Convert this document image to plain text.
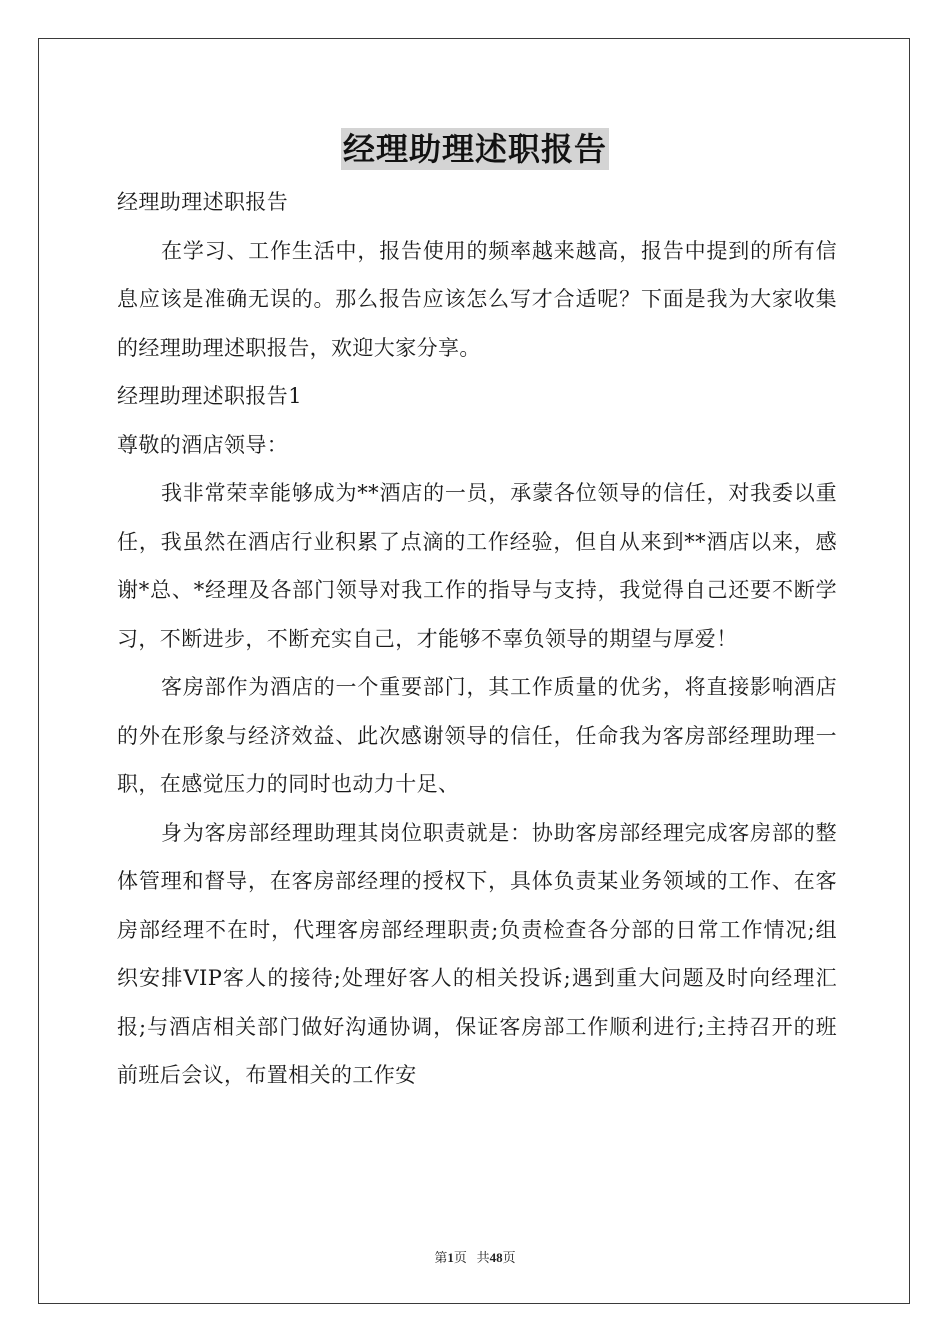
经理助理述职报告

经理助理述职报告

在学习、工作生活中，报告使用的频率越来越高，报告中提到的所有信息应该是准确无误的。那么报告应该怎么写才合适呢？下面是我为大家收集的经理助理述职报告，欢迎大家分享。

经理助理述职报告1

尊敬的酒店领导：

我非常荣幸能够成为**酒店的一员，承蒙各位领导的信任，对我委以重任，我虽然在酒店行业积累了点滴的工作经验，但自从来到**酒店以来，感谢*总、*经理及各部门领导对我工作的指导与支持，我觉得自己还要不断学习，不断进步，不断充实自己，才能够不辜负领导的期望与厚爱！

客房部作为酒店的一个重要部门，其工作质量的优劣，将直接影响酒店的外在形象与经济效益、此次感谢领导的信任，任命我为客房部经理助理一职，在感觉压力的同时也动力十足、

身为客房部经理助理其岗位职责就是：协助客房部经理完成客房部的整体管理和督导，在客房部经理的授权下，具体负责某业务领域的工作、在客房部经理不在时，代理客房部经理职责;负责检查各分部的日常工作情况;组织安排VIP客人的接待;处理好客人的相关投诉;遇到重大问题及时向经理汇报;与酒店相关部门做好沟通协调，保证客房部工作顺利进行;主持召开的班前班后会议，布置相关的工作安

第1页 共48页
